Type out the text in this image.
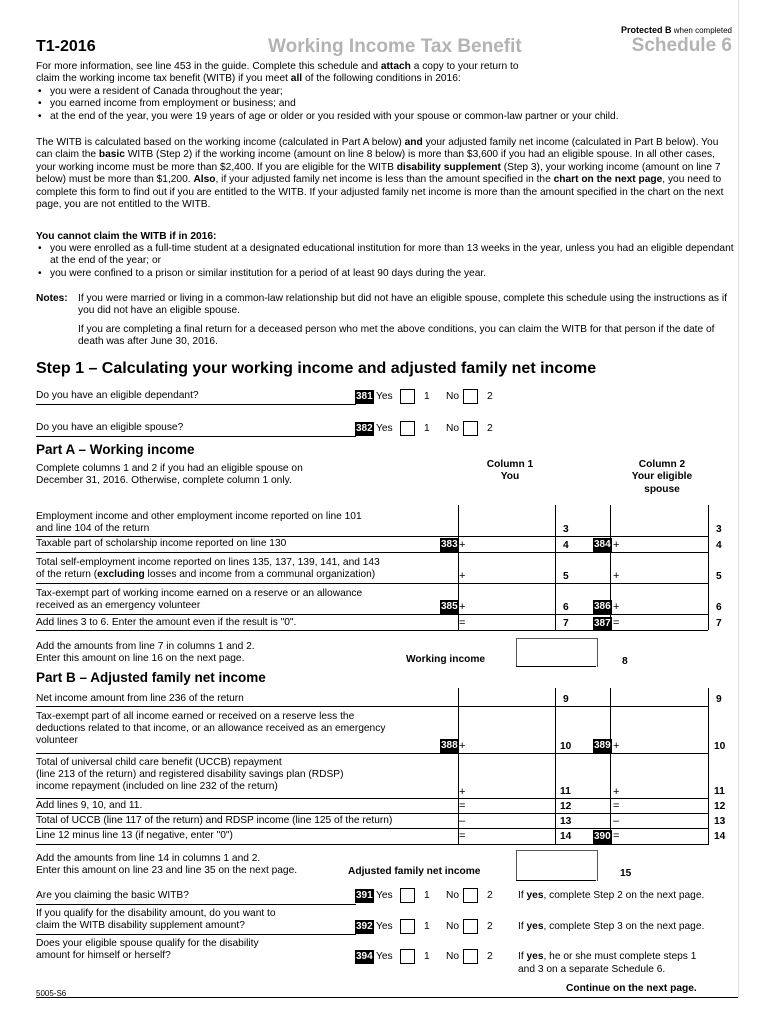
T1-2016	Working Income Tax Benefit
Protected B when completed
Schedule 6
For more information, see line 453 in the guide. Complete this schedule and attach a copy to your return to
claim the working income tax benefit (WITB) if you meet all of the following conditions in 2016:
• you were a resident of Canada throughout the year;
• you earned income from employment or business; and
• at the end of the year, you were 19 years of age or older or you resided with your spouse or common-law partner or your child.
The WITB is calculated based on the working income (calculated in Part A below) and your adjusted family net income (calculated in Part B below). You can claim the basic WITB (Step 2) if the working income (amount on line 8 below) is more than $3,600 if you had an eligible spouse. In all other cases, your working income must be more than $2,400. If you are eligible for the WITB disability supplement (Step 3), your working income (amount on line 7 below) must be more than $1,200. Also, if your adjusted family net income is less than the amount specified in the chart on the next page, you need to complete this form to find out if you are entitled to the WITB. If your adjusted family net income is more than the amount specified in the chart on the next page, you are not entitled to the WITB.
You cannot claim the WITB if in 2016:
• you were enrolled as a full-time student at a designated educational institution for more than 13 weeks in the year, unless you had an eligible dependant at the end of the year; or
• you were confined to a prison or similar institution for a period of at least 90 days during the year.
Notes: If you were married or living in a common-law relationship but did not have an eligible spouse, complete this schedule using the instructions as if you did not have an eligible spouse.
If you are completing a final return for a deceased person who met the above conditions, you can claim the WITB for that person if the date of death was after June 30, 2016.
Step 1 – Calculating your working income and adjusted family net income
Do you have an eligible dependant?	381 Yes	1 No	2
Do you have an eligible spouse?	382 Yes	1 No	2
Part A – Working income
Complete columns 1 and 2 if you had an eligible spouse on December 31, 2016. Otherwise, complete column 1 only.
Column 1
You
Column 2
Your eligible
spouse
Employment income and other employment income reported on line 101
and line 104 of the return	3	3
Taxable part of scholarship income reported on line 130	383 +	4	384 +	4
Total self-employment income reported on lines 135, 137, 139, 141, and 143
of the return (excluding losses and income from a communal organization)	+	5	+	5
Tax-exempt part of working income earned on a reserve or an allowance
received as an emergency volunteer	385 +	6	386 +	6
Add lines 3 to 6. Enter the amount even if the result is "0".	=	7	387 =	7
Add the amounts from line 7 in columns 1 and 2.
Enter this amount on line 16 on the next page.	Working income	8
Part B – Adjusted family net income
Net income amount from line 236 of the return	9	9
Tax-exempt part of all income earned or received on a reserve less the
deductions related to that income, or an allowance received as an emergency
volunteer	388 +	10 389 +	10
Total of universal child care benefit (UCCB) repayment
(line 213 of the return) and registered disability savings plan (RDSP)
income repayment (included on line 232 of the return)	+	11	+	11
Add lines 9, 10, and 11.	=	12	=	12
Total of UCCB (line 117 of the return) and RDSP income (line 125 of the return)	–	13	–	13
Line 12 minus line 13 (if negative, enter "0")	=	14 390 =	14
Add the amounts from line 14 in columns 1 and 2.
Enter this amount on line 23 and line 35 on the next page.	Adjusted family net income	15
Are you claiming the basic WITB?	391 Yes	1 No	2 If yes, complete Step 2 on the next page.
If you qualify for the disability amount, do you want to
claim the WITB disability supplement amount?	392 Yes	1 No	2 If yes, complete Step 3 on the next page.
Does your eligible spouse qualify for the disability
amount for himself or herself?	394 Yes	1 No	2 If yes, he or she must complete steps 1
and 3 on a separate Schedule 6.
5005-S6	Continue on the next page.
